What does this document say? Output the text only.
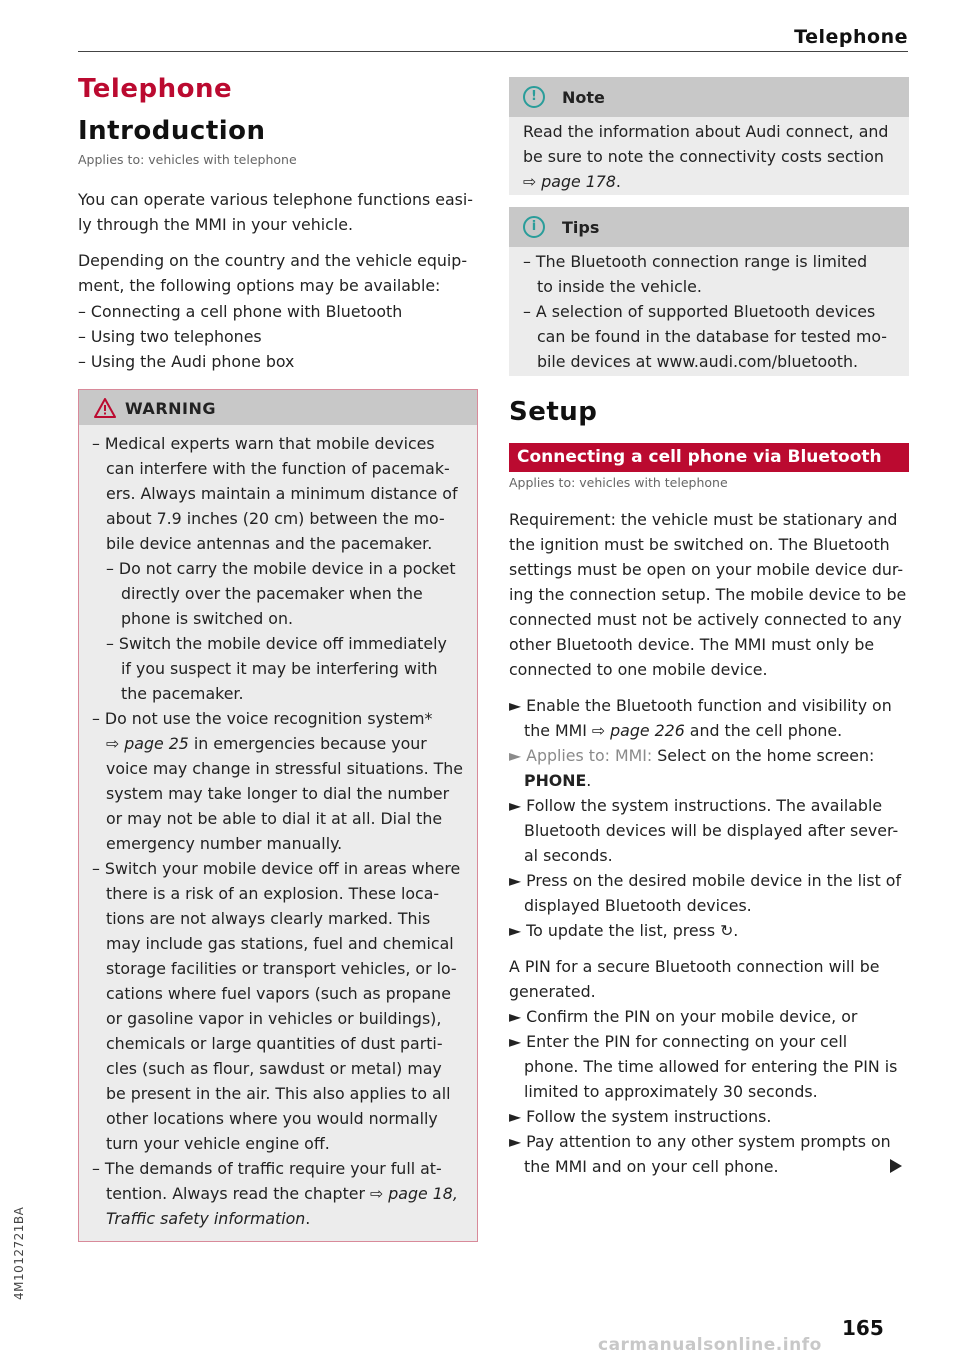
Telephone
Telephone
Introduction
Applies to: vehicles with telephone
You can operate various telephone functions easi-
ly through the MMI in your vehicle.
Depending on the country and the vehicle equip-
ment, the following options may be available:
– Connecting a cell phone with Bluetooth
– Using two telephones
– Using the Audi phone box
WARNING
– Medical experts warn that mobile devices
can interfere with the function of pacemak-
ers. Always maintain a minimum distance of
about 7.9 inches (20 cm) between the mo-
bile device antennas and the pacemaker.
– Do not carry the mobile device in a pocket
directly over the pacemaker when the
phone is switched on.
– Switch the mobile device off immediately
if you suspect it may be interfering with
the pacemaker.
– Do not use the voice recognition system*
⇨ page 25 in emergencies because your
voice may change in stressful situations. The
system may take longer to dial the number
or may not be able to dial it at all. Dial the
emergency number manually.
– Switch your mobile device off in areas where
there is a risk of an explosion. These loca-
tions are not always clearly marked. This
may include gas stations, fuel and chemical
storage facilities or transport vehicles, or lo-
cations where fuel vapors (such as propane
or gasoline vapor in vehicles or buildings),
chemicals or large quantities of dust parti-
cles (such as flour, sawdust or metal) may
be present in the air. This also applies to all
other locations where you would normally
turn your vehicle engine off.
– The demands of traffic require your full at-
tention. Always read the chapter ⇨ page 18,
Traffic safety information.
!	Note
Read the information about Audi connect, and
be sure to note the connectivity costs section
⇨ page 178.
i	Tips
– The Bluetooth connection range is limited
to inside the vehicle.
– A selection of supported Bluetooth devices
can be found in the database for tested mo-
bile devices at www.audi.com/bluetooth.
Setup
Connecting a cell phone via Bluetooth
Applies to: vehicles with telephone
Requirement: the vehicle must be stationary and
the ignition must be switched on. The Bluetooth
settings must be open on your mobile device dur-
ing the connection setup. The mobile device to be
connected must not be actively connected to any
other Bluetooth device. The MMI must only be
connected to one mobile device.
► Enable the Bluetooth function and visibility on
the MMI ⇨ page 226 and the cell phone.
► Applies to: MMI: Select on the home screen:
PHONE.
► Follow the system instructions. The available
Bluetooth devices will be displayed after sever-
al seconds.
► Press on the desired mobile device in the list of
displayed Bluetooth devices.
► To update the list, press ↻.
A PIN for a secure Bluetooth connection will be
generated.
► Confirm the PIN on your mobile device, or
► Enter the PIN for connecting on your cell
phone. The time allowed for entering the PIN is
limited to approximately 30 seconds.
► Follow the system instructions.
► Pay attention to any other system prompts on
the MMI and on your cell phone.
165
4M1012721BA
carmanualsonline.info
